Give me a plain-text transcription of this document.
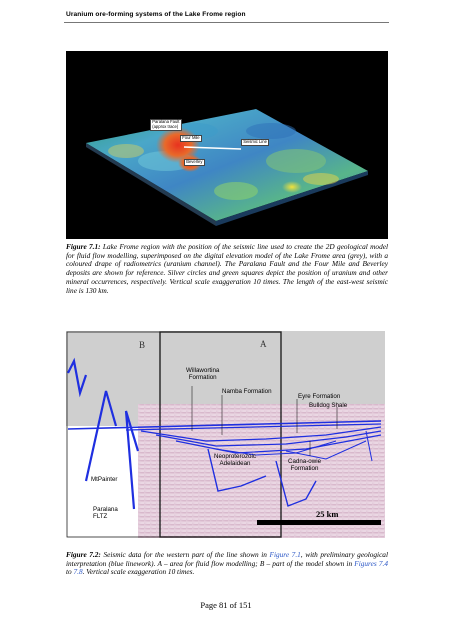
Uranium ore-forming systems of the Lake Frome region
Paralana Fault
(approx trace)
Four Mile
Seismic Line
Beverley
Figure 7.1: Lake Frome region with the position of the seismic line used to create the 2D geological model for fluid flow modelling, superimposed on the digital elevation model of the Lake Frome area (grey), with a coloured drape of radiometrics (uranium channel). The Paralana Fault and the Four Mile and Beverley deposits are shown for reference. Silver circles and green squares depict the position of uranium and other mineral occurrences, respectively. Vertical scale exaggeration 10 times. The length of the east-west seismic line is 130 km.
B	A
Willawortina
Formation
Namba Formation
Eyre Formation
Bulldog Shale
Neoproterozoic
Adelaidean	Cadna-owie
Formation
MtPainter
Paralana
FLTZ	25 km
Figure 7.2: Seismic data for the western part of the line shown in Figure 7.1, with preliminary geological interpretation (blue linework). A – area for fluid flow modelling; B – part of the model shown in Figures 7.4 to 7.8. Vertical scale exaggeration 10 times.
Page 81 of 151
